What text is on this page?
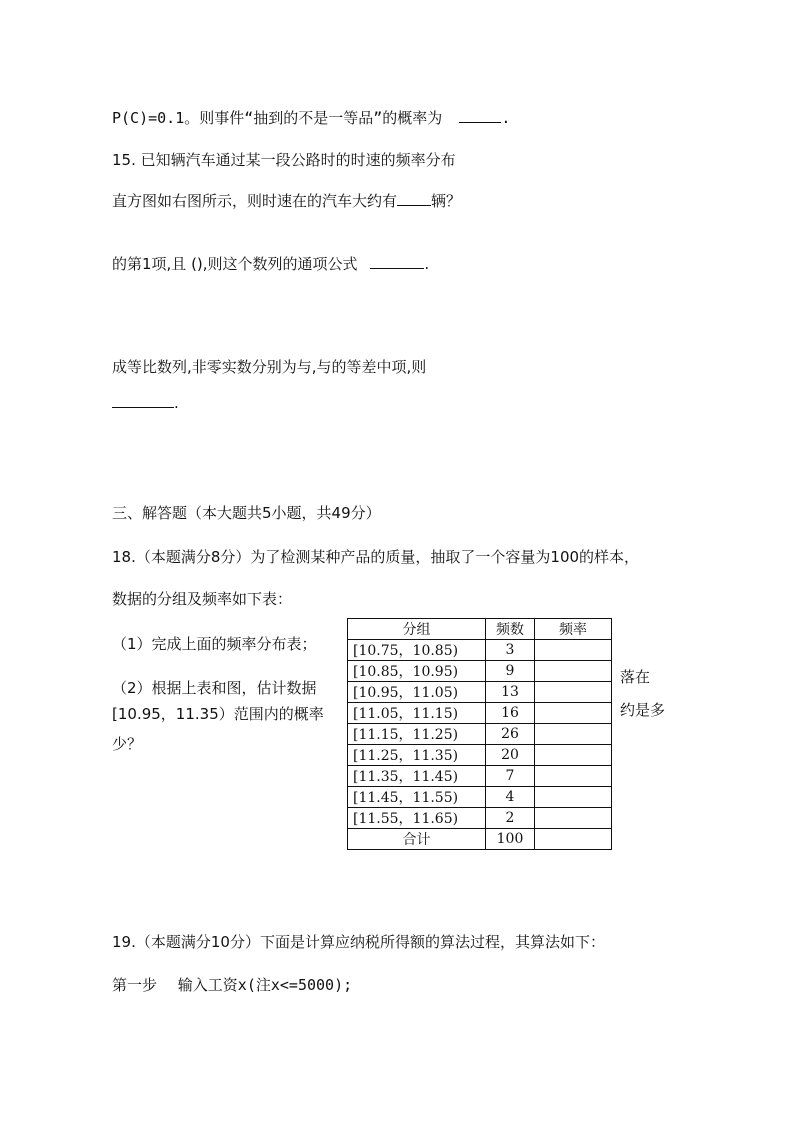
P(C)=0.1。则事件“抽到的不是一等品”的概率为	.
15. 已知辆汽车通过某一段公路时的时速的频率分布
直方图如右图所示，则时速在的汽车大约有 辆？
的第1项,且 (),则这个数列的通项公式	.
成等比数列,非零实数分别为与,与的等差中项,则
.
三、解答题（本大题共5小题，共49分）
18.（本题满分8分）为了检测某种产品的质量，抽取了一个容量为100的样本，
数据的分组及频率如下表：
（1）完成上面的频率分布表；
（2）根据上表和图，估计数据
[10.95，11.35）范围内的概率
少？
分组	频数	频率
[10.75，10.85)	3	
[10.85，10.95)	9	
[10.95，11.05)	13	
[11.05，11.15)	16	
[11.15，11.25)	26	
[11.25，11.35)	20	
[11.35，11.45)	7	
[11.45，11.55)	4	
[11.55，11.65)	2	
合计	100	
落在
约是多
19.（本题满分10分）下面是计算应纳税所得额的算法过程，其算法如下：
第一步 输入工资x(注x<=5000);
